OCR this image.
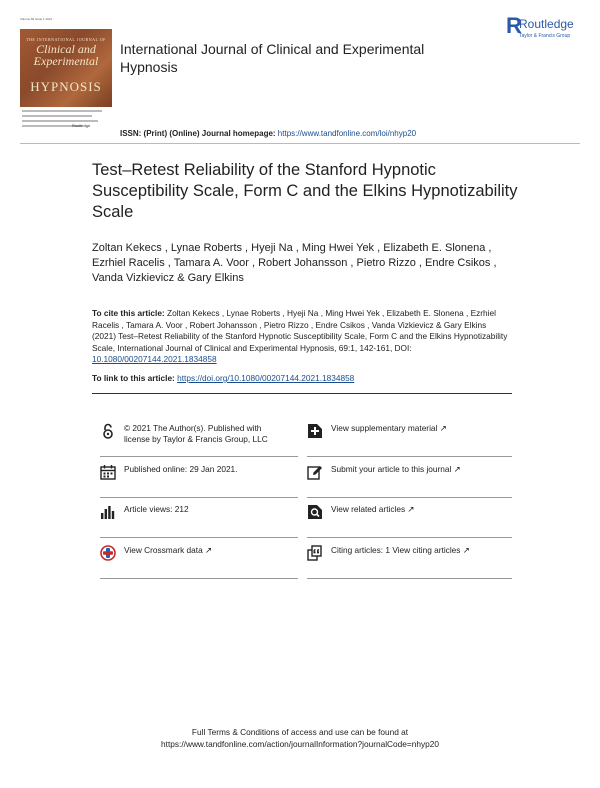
Volume 69 Issue 1 2021
THE INTERNATIONAL JOURNAL OF
Clinical and Experimental
HYPNOSIS
Routledge
International Journal of Clinical and Experimental Hypnosis
R
Routledge
Taylor & Francis Group
ISSN: (Print) (Online) Journal homepage: https://www.tandfonline.com/loi/nhyp20
Test–Retest Reliability of the Stanford Hypnotic Susceptibility Scale, Form C and the Elkins Hypnotizability Scale
Zoltan Kekecs , Lynae Roberts , Hyeji Na , Ming Hwei Yek , Elizabeth E. Slonena , Ezrhiel Racelis , Tamara A. Voor , Robert Johansson , Pietro Rizzo , Endre Csikos , Vanda Vizkievicz & Gary Elkins
To cite this article: Zoltan Kekecs , Lynae Roberts , Hyeji Na , Ming Hwei Yek , Elizabeth E. Slonena , Ezrhiel Racelis , Tamara A. Voor , Robert Johansson , Pietro Rizzo , Endre Csikos , Vanda Vizkievicz & Gary Elkins (2021) Test–Retest Reliability of the Stanford Hypnotic Susceptibility Scale, Form C and the Elkins Hypnotizability Scale, International Journal of Clinical and Experimental Hypnosis, 69:1, 142-161, DOI: 10.1080/00207144.2021.1834858
To link to this article: https://doi.org/10.1080/00207144.2021.1834858
© 2021 The Author(s). Published with
license by Taylor & Francis Group, LLC
Published online: 29 Jan 2021.
Article views: 212
View Crossmark data ↗
View supplementary material ↗
Submit your article to this journal ↗
View related articles ↗
Citing articles: 1 View citing articles ↗
Full Terms & Conditions of access and use can be found at
https://www.tandfonline.com/action/journalInformation?journalCode=nhyp20
